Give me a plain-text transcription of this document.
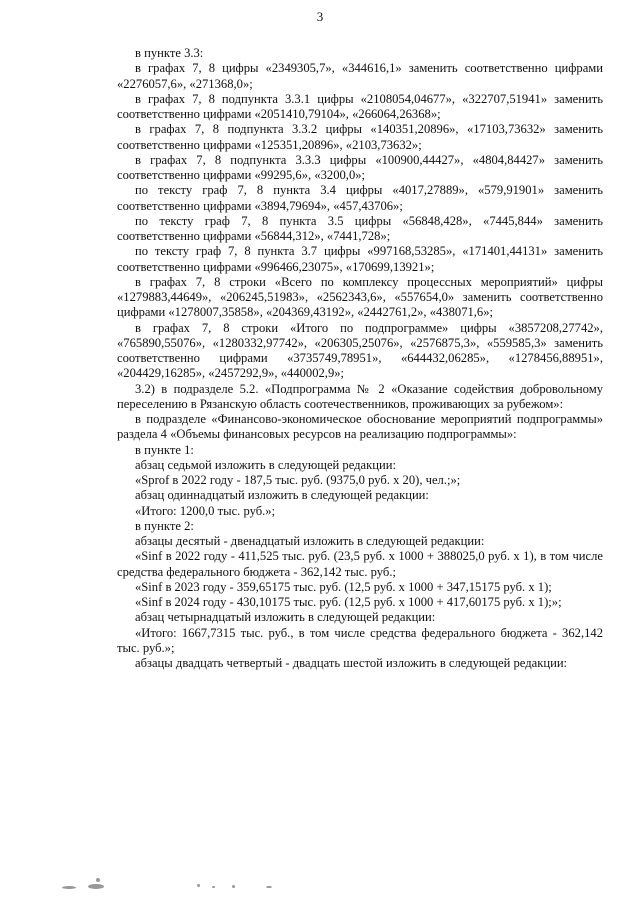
3

в пункте 3.3:

в графах 7, 8 цифры «2349305,7», «344616,1» заменить соответственно цифрами «2276057,6», «271368,0»;

в графах 7, 8 подпункта 3.3.1 цифры «2108054,04677», «322707,51941» заменить соответственно цифрами «2051410,79104», «266064,26368»;

в графах 7, 8 подпункта 3.3.2 цифры «140351,20896», «17103,73632» заменить соответственно цифрами «125351,20896», «2103,73632»;

в графах 7, 8 подпункта 3.3.3 цифры «100900,44427», «4804,84427» заменить соответственно цифрами «99295,6», «3200,0»;

по тексту граф 7, 8 пункта 3.4 цифры «4017,27889», «579,91901» заменить соответственно цифрами «3894,79694», «457,43706»;

по тексту граф 7, 8 пункта 3.5 цифры «56848,428», «7445,844» заменить соответственно цифрами «56844,312», «7441,728»;

по тексту граф 7, 8 пункта 3.7 цифры «997168,53285», «171401,44131» заменить соответственно цифрами «996466,23075», «170699,13921»;

в графах 7, 8 строки «Всего по комплексу процессных мероприятий» цифры «1279883,44649», «206245,51983», «2562343,6», «557654,0» заменить соответственно цифрами «1278007,35858», «204369,43192», «2442761,2», «438071,6»;

в графах 7, 8 строки «Итого по подпрограмме» цифры «3857208,27742», «765890,55076», «1280332,97742», «206305,25076», «2576875,3», «559585,3» заменить соответственно цифрами «3735749,78951», «644432,06285», «1278456,88951», «204429,16285», «2457292,9», «440002,9»;

3.2) в подразделе 5.2. «Подпрограмма № 2 «Оказание содействия добровольному переселению в Рязанскую область соотечественников, проживающих за рубежом»:

в подразделе «Финансово-экономическое обоснование мероприятий подпрограммы» раздела 4 «Объемы финансовых ресурсов на реализацию подпрограммы»:

в пункте 1:

абзац седьмой изложить в следующей редакции:

«Sprof в 2022 году - 187,5 тыс. руб. (9375,0 руб. х 20), чел.;»;

абзац одиннадцатый изложить в следующей редакции:

«Итого: 1200,0 тыс. руб.»;

в пункте 2:

абзацы десятый - двенадцатый изложить в следующей редакции:

«Sinf в 2022 году - 411,525 тыс. руб. (23,5 руб. х 1000 + 388025,0 руб. х 1), в том числе средства федерального бюджета - 362,142 тыс. руб.;

«Sinf в 2023 году - 359,65175 тыс. руб. (12,5 руб. х 1000 + 347,15175 руб. х 1);

«Sinf в 2024 году - 430,10175 тыс. руб. (12,5 руб. х 1000 + 417,60175 руб. х 1);»;

абзац четырнадцатый изложить в следующей редакции:

«Итого: 1667,7315 тыс. руб., в том числе средства федерального бюджета - 362,142 тыс. руб.»;

абзацы двадцать четвертый - двадцать шестой изложить в следующей редакции:
